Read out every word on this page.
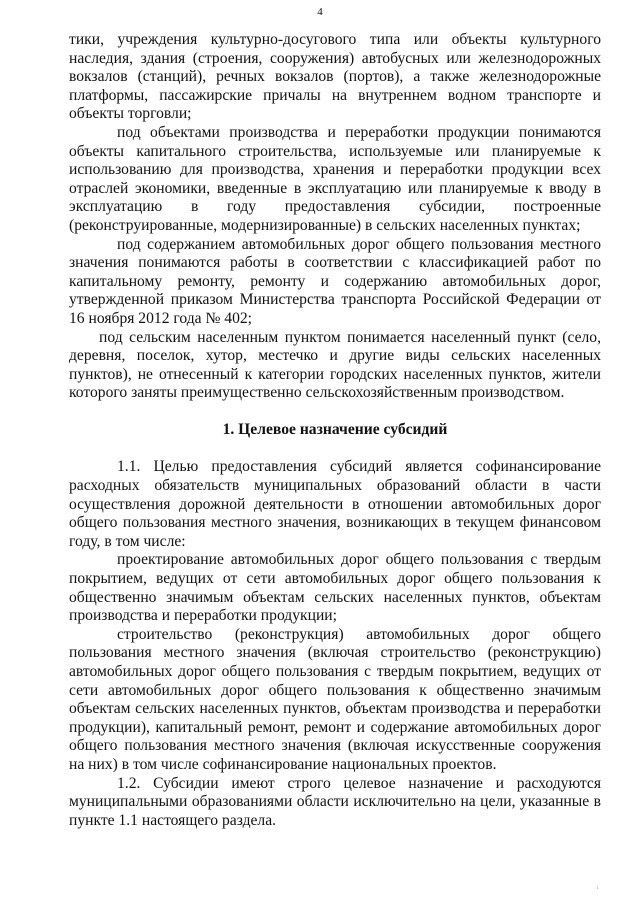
4

тики, учреждения культурно-досугового типа или объекты культурного наследия, здания (строения, сооружения) автобусных или железнодорожных вокзалов (станций), речных вокзалов (портов), а также железнодорожные платформы, пассажирские причалы на внутреннем водном транспорте и объекты торговли;

под объектами производства и переработки продукции понимаются объекты капитального строительства, используемые или планируемые к использованию для производства, хранения и переработки продукции всех отраслей экономики, введенные в эксплуатацию или планируемые к вводу в эксплуатацию в году предоставления субсидии, построенные (реконструированные, модернизированные) в сельских населенных пунктах;

под содержанием автомобильных дорог общего пользования местного значения понимаются работы в соответствии с классификацией работ по капитальному ремонту, ремонту и содержанию автомобильных дорог, утвержденной приказом Министерства транспорта Российской Федерации от 16 ноября 2012 года № 402;

под сельским населенным пунктом понимается населенный пункт (село, деревня, поселок, хутор, местечко и другие виды сельских населенных пунктов), не отнесенный к категории городских населенных пунктов, жители которого заняты преимущественно сельскохозяйственным производством.

1. Целевое назначение субсидий

1.1. Целью предоставления субсидий является софинансирование расходных обязательств муниципальных образований области в части осуществления дорожной деятельности в отношении автомобильных дорог общего пользования местного значения, возникающих в текущем финансовом году, в том числе:

проектирование автомобильных дорог общего пользования с твердым покрытием, ведущих от сети автомобильных дорог общего пользования к общественно значимым объектам сельских населенных пунктов, объектам производства и переработки продукции;

строительство (реконструкция) автомобильных дорог общего пользования местного значения (включая строительство (реконструкцию) автомобильных дорог общего пользования с твердым покрытием, ведущих от сети автомобильных дорог общего пользования к общественно значимым объектам сельских населенных пунктов, объектам производства и переработки продукции), капитальный ремонт, ремонт и содержание автомобильных дорог общего пользования местного значения (включая искусственные сооружения на них) в том числе софинансирование национальных проектов.

1.2. Субсидии имеют строго целевое назначение и расходуются муниципальными образованиями области исключительно на цели, указанные в пункте 1.1 настоящего раздела.

ı
